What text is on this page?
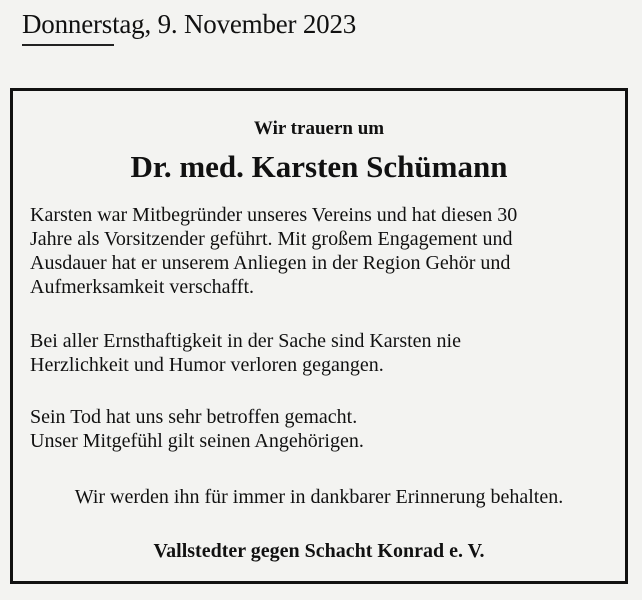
Donnerstag, 9. November 2023
Wir trauern um
Dr. med. Karsten Schümann
Karsten war Mitbegründer unseres Vereins und hat diesen 30
Jahre als Vorsitzender geführt. Mit großem Engagement und
Ausdauer hat er unserem Anliegen in der Region Gehör und
Aufmerksamkeit verschafft.
Bei aller Ernsthaftigkeit in der Sache sind Karsten nie
Herzlichkeit und Humor verloren gegangen.
Sein Tod hat uns sehr betroffen gemacht.
Unser Mitgefühl gilt seinen Angehörigen.
Wir werden ihn für immer in dankbarer Erinnerung behalten.
Vallstedter gegen Schacht Konrad e. V.
